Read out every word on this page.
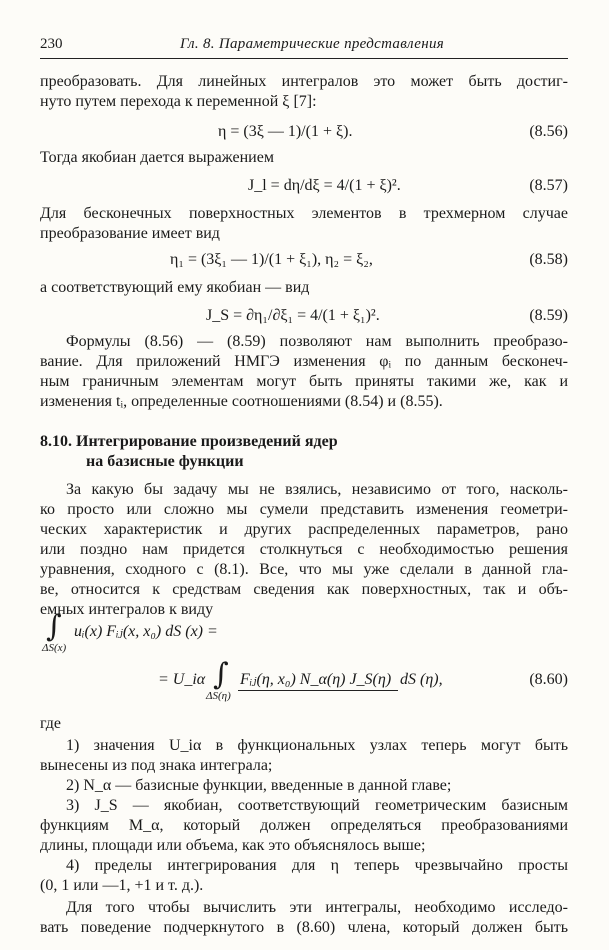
230	Гл. 8. Параметрические представления
преобразовать. Для линейных интегралов это может быть достиг-
нуто путем перехода к переменной ξ [7]:
η = (3ξ — 1)/(1 + ξ).	(8.56)
Тогда якобиан дается выражением
J_l = dη/dξ = 4/(1 + ξ)².	(8.57)
Для бесконечных поверхностных элементов в трехмерном случае
преобразование имеет вид
η₁ = (3ξ₁ — 1)/(1 + ξ₁), η₂ = ξ₂,	(8.58)
а соответствующий ему якобиан — вид
J_S = ∂η₁/∂ξ₁ = 4/(1 + ξ₁)².	(8.59)
Формулы (8.56) — (8.59) позволяют нам выполнить преобразо-
вание. Для приложений НМГЭ изменения φᵢ по данным бесконеч-
ным граничным элементам могут быть приняты такими же, как и
изменения tᵢ, определенные соотношениями (8.54) и (8.55).
8.10. Интегрирование произведений ядер
на базисные функции
За какую бы задачу мы не взялись, независимо от того, насколь-
ко просто или сложно мы сумели представить изменения геометри-
ческих характеристик и других распределенных параметров, рано
или поздно нам придется столкнуться с необходимостью решения
уравнения, сходного с (8.1). Все, что мы уже сделали в данной гла-
ве, относится к средствам сведения как поверхностных, так и объ-
емных интегралов к виду
∫
ΔS(x)
uᵢ(x) Fᵢⱼ(x, x₀) dS (x) =
= U_iα ∫
ΔS(η)
Fᵢⱼ(η, x₀) N_α(η) J_S(η) dS (η),	(8.60)
где
1) значения U_iα в функциональных узлах теперь могут быть
вынесены из под знака интеграла;
2) N_α — базисные функции, введенные в данной главе;
3) J_S — якобиан, соответствующий геометрическим базисным
функциям M_α, который должен определяться преобразованиями
длины, площади или объема, как это объяснялось выше;
4) пределы интегрирования для η теперь чрезвычайно просты
(0, 1 или —1, +1 и т. д.).
Для того чтобы вычислить эти интегралы, необходимо исследо-
вать поведение подчеркнутого в (8.60) члена, который должен быть
